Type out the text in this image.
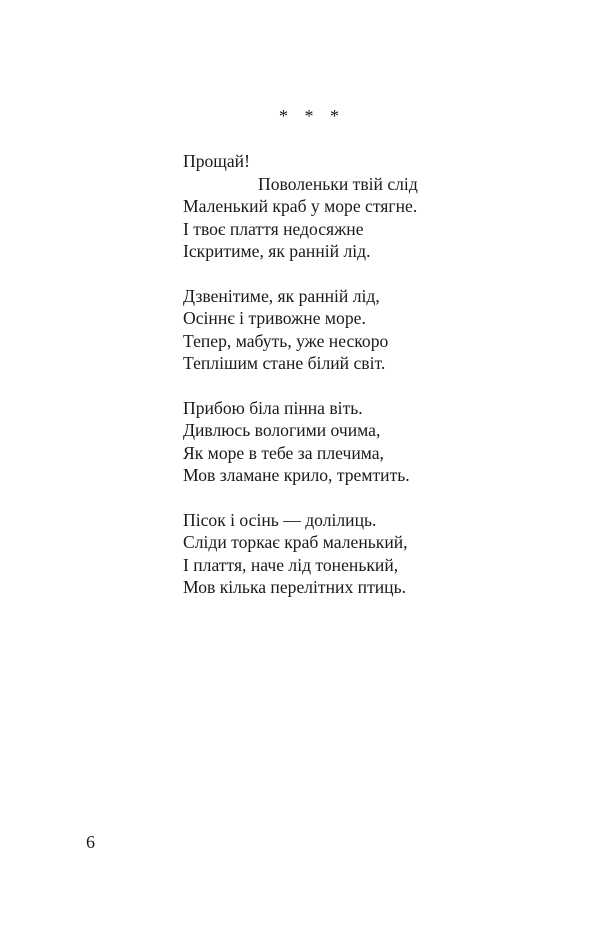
* * *
Прощай!
Поволеньки твій слід
Маленький краб у море стягне.
І твоє плаття недосяжне
Іскритиме, як ранній лід.
Дзвенітиме, як ранній лід,
Осіннє і тривожне море.
Тепер, мабуть, уже нескоро
Теплішим стане білий світ.
Прибою біла пінна віть.
Дивлюсь вологими очима,
Як море в тебе за плечима,
Мов зламане крило, тремтить.
Пісок і осінь — долілиць.
Сліди торкає краб маленький,
І плаття, наче лід тоненький,
Мов кілька перелітних птиць.
6
